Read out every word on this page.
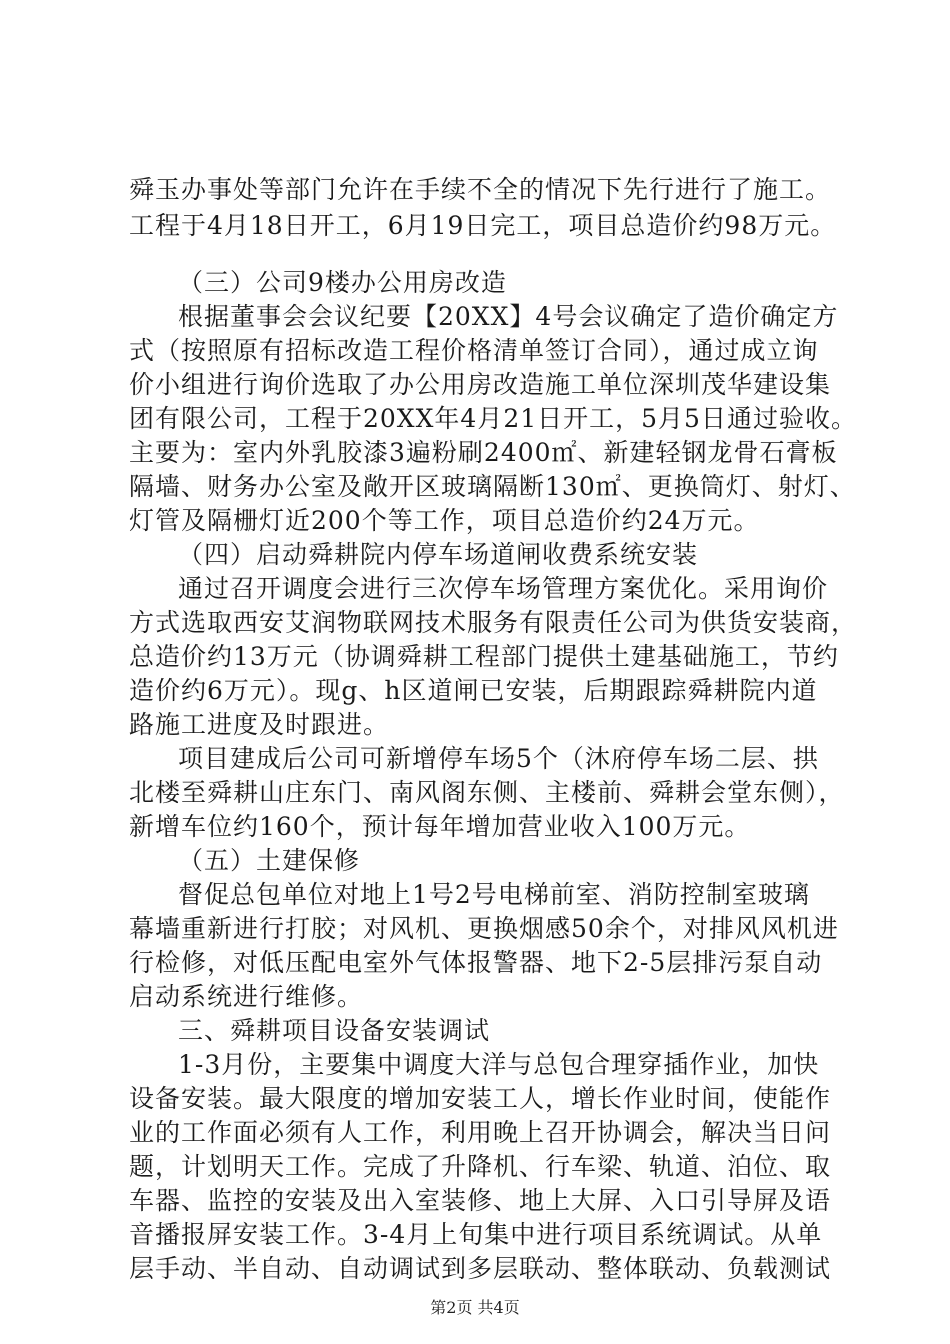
舜玉办事处等部门允许在手续不全的情况下先行进行了施工。
工程于4月18日开工，6月19日完工，项目总造价约98万元。
（三）公司9楼办公用房改造
根据董事会会议纪要【20XX】4号会议确定了造价确定方
式（按照原有招标改造工程价格清单签订合同），通过成立询
价小组进行询价选取了办公用房改造施工单位深圳茂华建设集
团有限公司，工程于20XX年4月21日开工，5月5日通过验收。
主要为：室内外乳胶漆3遍粉刷2400㎡、新建轻钢龙骨石膏板
隔墙、财务办公室及敞开区玻璃隔断130㎡、更换筒灯、射灯、
灯管及隔栅灯近200个等工作，项目总造价约24万元。
（四）启动舜耕院内停车场道闸收费系统安装
通过召开调度会进行三次停车场管理方案优化。采用询价
方式选取西安艾润物联网技术服务有限责任公司为供货安装商，
总造价约13万元（协调舜耕工程部门提供土建基础施工，节约
造价约6万元）。现g、h区道闸已安装，后期跟踪舜耕院内道
路施工进度及时跟进。
项目建成后公司可新增停车场5个（沐府停车场二层、拱
北楼至舜耕山庄东门、南风阁东侧、主楼前、舜耕会堂东侧），
新增车位约160个，预计每年增加营业收入100万元。
（五）土建保修
督促总包单位对地上1号2号电梯前室、消防控制室玻璃
幕墙重新进行打胶；对风机、更换烟感50余个，对排风风机进
行检修，对低压配电室外气体报警器、地下2-5层排污泵自动
启动系统进行维修。
三、舜耕项目设备安装调试
1-3月份，主要集中调度大洋与总包合理穿插作业，加快
设备安装。最大限度的增加安装工人，增长作业时间，使能作
业的工作面必须有人工作，利用晚上召开协调会，解决当日问
题，计划明天工作。完成了升降机、行车梁、轨道、泊位、取
车器、监控的安装及出入室装修、地上大屏、入口引导屏及语
音播报屏安装工作。3-4月上旬集中进行项目系统调试。从单
层手动、半自动、自动调试到多层联动、整体联动、负载测试
第2页 共4页
